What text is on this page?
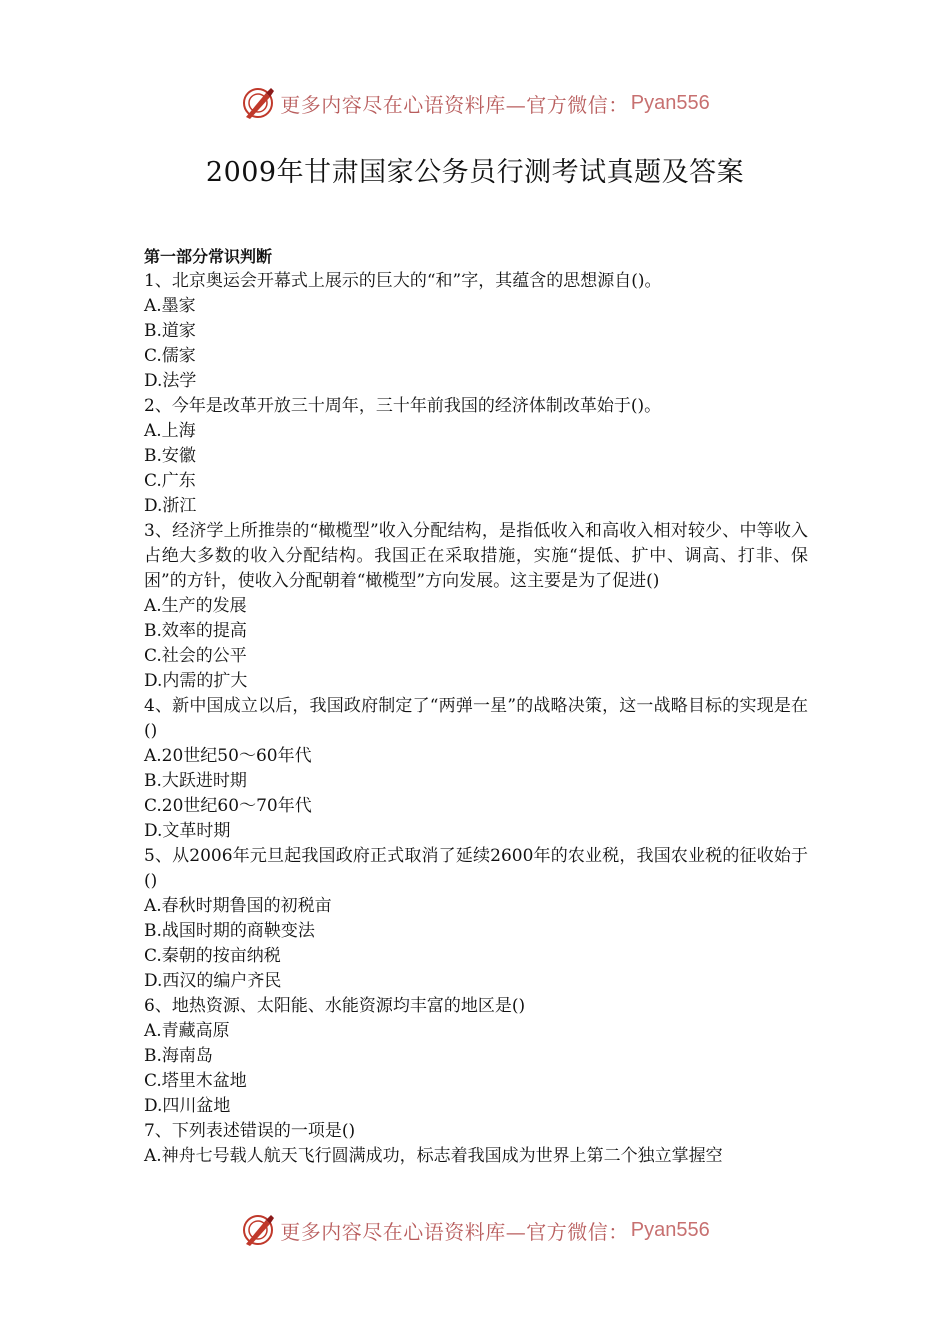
更多内容尽在心语资料库—官方微信： Pyan556
2009年甘肃国家公务员行测考试真题及答案

第一部分常识判断

1、北京奥运会开幕式上展示的巨大的“和”字，其蕴含的思想源自()。

A.墨家

B.道家

C.儒家

D.法学

2、今年是改革开放三十周年，三十年前我国的经济体制改革始于()。

A.上海

B.安徽

C.广东

D.浙江

3、经济学上所推崇的“橄榄型”收入分配结构，是指低收入和高收入相对较少、中等收入占绝大多数的收入分配结构。我国正在采取措施，实施“提低、扩中、调高、打非、保困”的方针，使收入分配朝着“橄榄型”方向发展。这主要是为了促进()

A.生产的发展

B.效率的提高

C.社会的公平

D.内需的扩大

4、新中国成立以后，我国政府制定了“两弹一星”的战略决策，这一战略目标的实现是在()

A.20世纪50～60年代

B.大跃进时期

C.20世纪60～70年代

D.文革时期

5、从2006年元旦起我国政府正式取消了延续2600年的农业税，我国农业税的征收始于()

A.春秋时期鲁国的初税亩

B.战国时期的商鞅变法

C.秦朝的按亩纳税

D.西汉的编户齐民

6、地热资源、太阳能、水能资源均丰富的地区是()

A.青藏高原

B.海南岛

C.塔里木盆地

D.四川盆地

7、下列表述错误的一项是()

A.神舟七号载人航天飞行圆满成功，标志着我国成为世界上第二个独立掌握空

更多内容尽在心语资料库—官方微信： Pyan556
